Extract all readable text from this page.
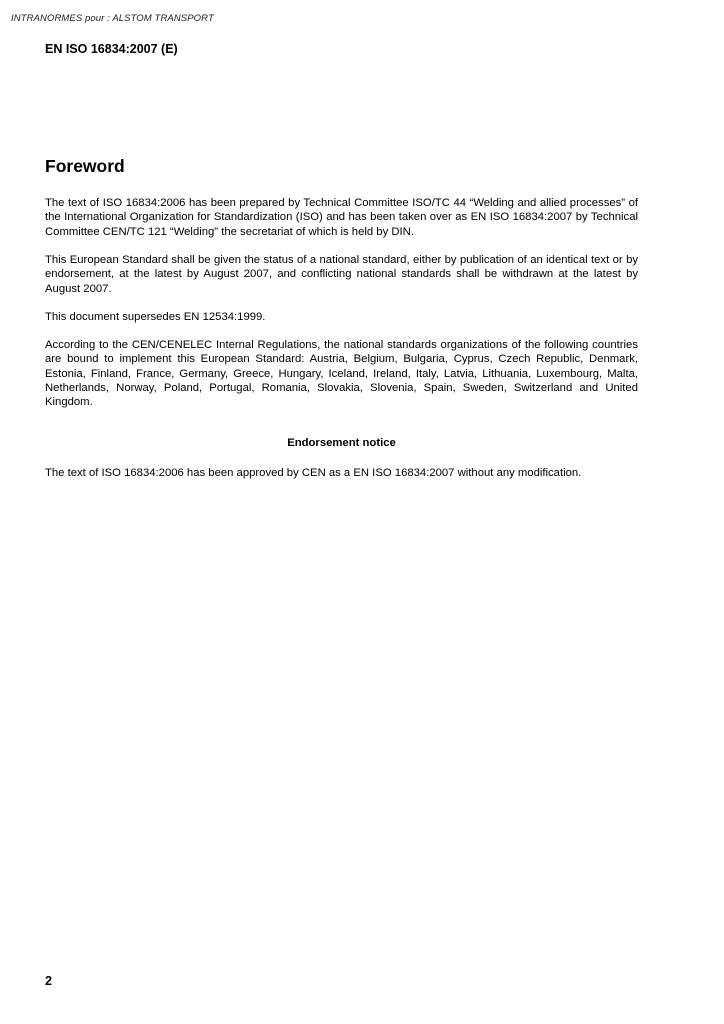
INTRANORMES pour : ALSTOM TRANSPORT
EN ISO 16834:2007 (E)
Foreword

The text of ISO 16834:2006 has been prepared by Technical Committee ISO/TC 44 “Welding and allied processes” of the International Organization for Standardization (ISO) and has been taken over as EN ISO 16834:2007 by Technical Committee CEN/TC 121 “Welding” the secretariat of which is held by DIN.

This European Standard shall be given the status of a national standard, either by publication of an identical text or by endorsement, at the latest by August 2007, and conflicting national standards shall be withdrawn at the latest by August 2007.

This document supersedes EN 12534:1999.

According to the CEN/CENELEC Internal Regulations, the national standards organizations of the following countries are bound to implement this European Standard: Austria, Belgium, Bulgaria, Cyprus, Czech Republic, Denmark, Estonia, Finland, France, Germany, Greece, Hungary, Iceland, Ireland, Italy, Latvia, Lithuania, Luxembourg, Malta, Netherlands, Norway, Poland, Portugal, Romania, Slovakia, Slovenia, Spain, Sweden, Switzerland and United Kingdom.

Endorsement notice

The text of ISO 16834:2006 has been approved by CEN as a EN ISO 16834:2007 without any modification.

2
